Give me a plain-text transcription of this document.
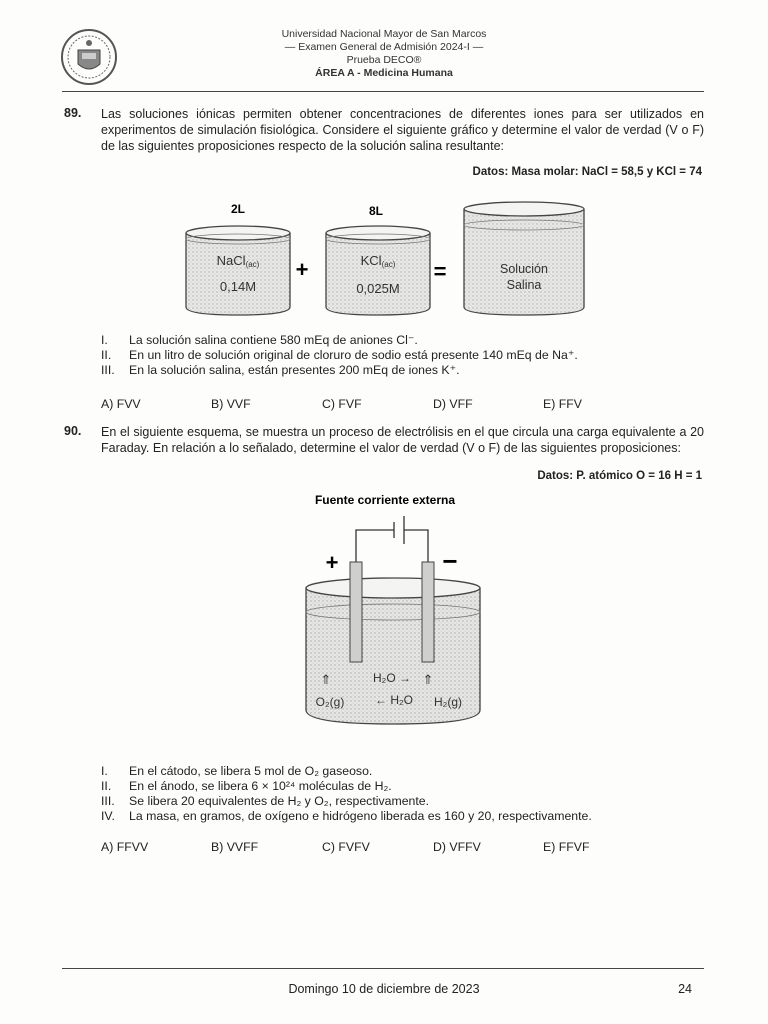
Universidad Nacional Mayor de San Marcos
— Examen General de Admisión 2024-I —
Prueba DECO®
ÁREA A - Medicina Humana
89. Las soluciones iónicas permiten obtener concentraciones de diferentes iones para ser utilizados en experimentos de simulación fisiológica. Considere el siguiente gráfico y determine el valor de verdad (V o F) de las siguientes proposiciones respecto de la solución salina resultante:
Datos: Masa molar: NaCl = 58,5 y KCl = 74
2L
NaCl(ac)
0,14M
+
8L
KCl(ac)
0,025M
=	Solución
Salina
I. La solución salina contiene 580 mEq de aniones Cl⁻.
II. En un litro de solución original de cloruro de sodio está presente 140 mEq de Na⁺.
III. En la solución salina, están presentes 200 mEq de iones K⁺.
A) FVV	B) VVF	C) FVF	D) VFF	E) FFV
90. En el siguiente esquema, se muestra un proceso de electrólisis en el que circula una carga equivalente a 20 Faraday. En relación a lo señalado, determine el valor de verdad (V o F) de las siguientes proposiciones:
Datos: P. atómico O = 16 H = 1
Fuente corriente externa
+	−
⇑	⇑
H₂O →
← H₂O
O₂(g)	H₂(g)
I. En el cátodo, se libera 5 mol de O₂ gaseoso.
II. En el ánodo, se libera 6 × 10²⁴ moléculas de H₂.
III. Se libera 20 equivalentes de H₂ y O₂, respectivamente.
IV. La masa, en gramos, de oxígeno e hidrógeno liberada es 160 y 20, respectivamente.
A) FFVV	B) VVFF	C) FVFV	D) VFFV	E) FFVF
Domingo 10 de diciembre de 2023	24
